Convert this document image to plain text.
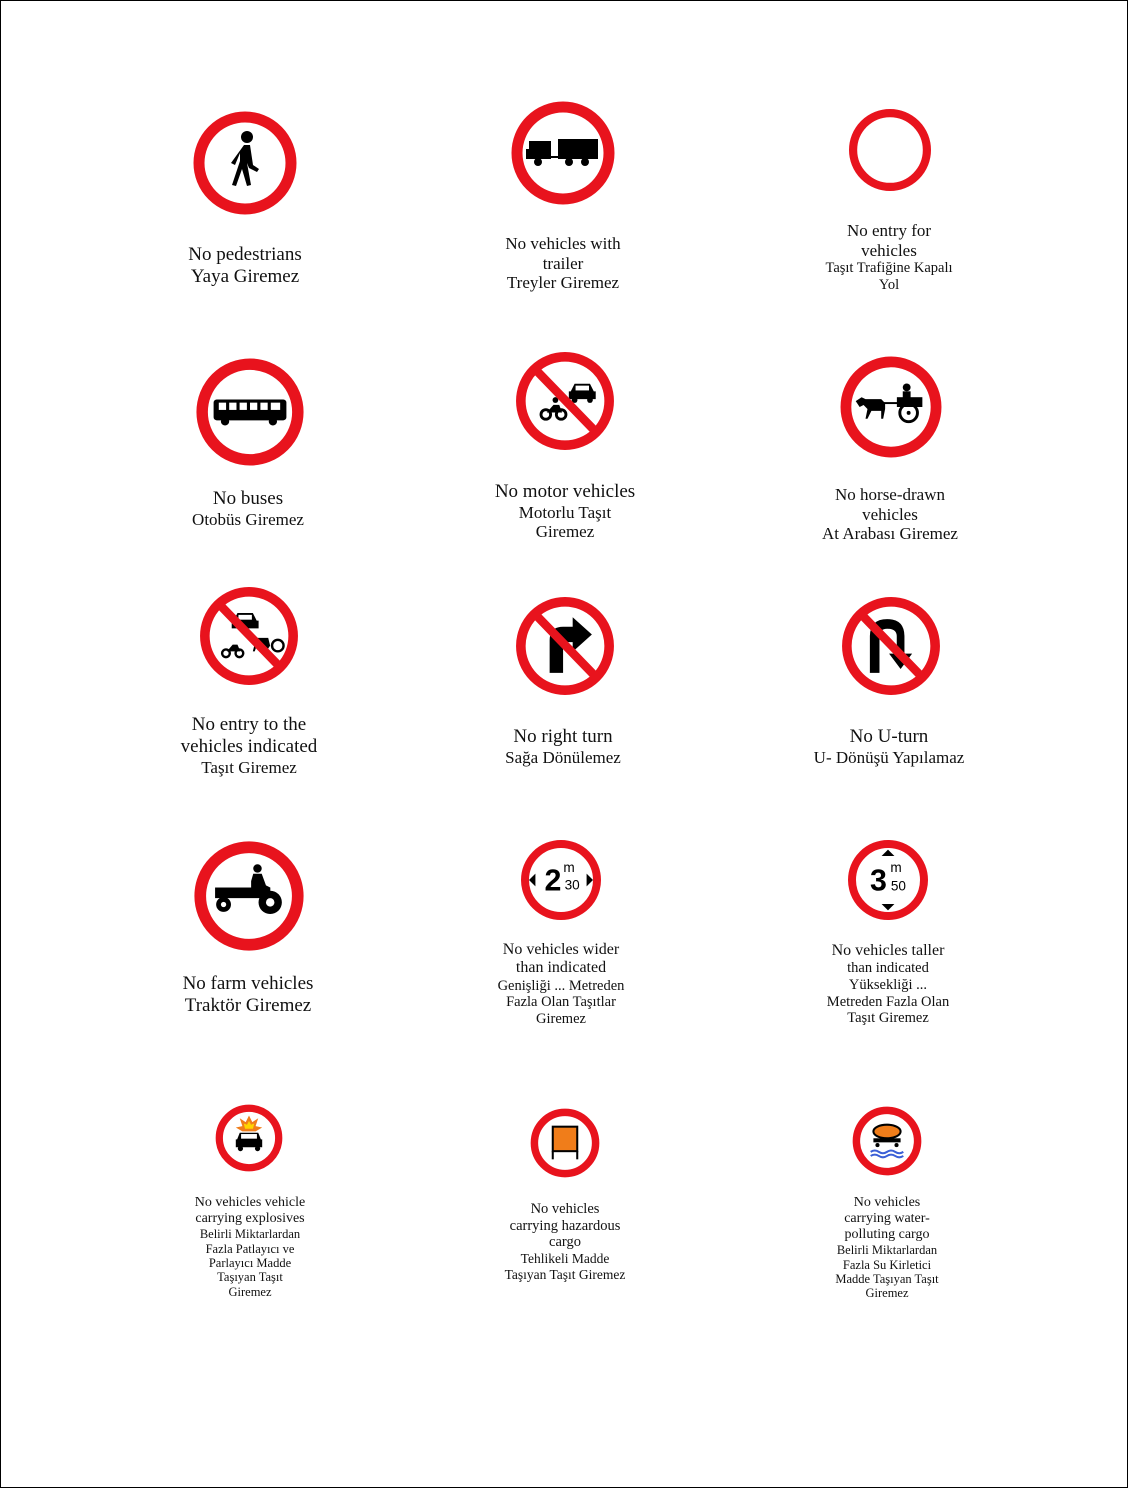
No pedestrians
Yaya Giremez
No vehicles with
trailer
Treyler Giremez
No entry for
vehicles
Taşıt Trafiğine Kapalı
Yol
No buses
Otobüs Giremez
No motor vehicles
Motorlu Taşıt
Giremez
No horse-drawn
vehicles
At Arabası Giremez
No entry to the
vehicles indicated
Taşıt Giremez
No right turn
Sağa Dönülemez
No U-turn
U- Dönüşü Yapılamaz
No farm vehicles
Traktör Giremez
2 m
30
No vehicles wider
than indicated
Genişliği ... Metreden
Fazla Olan Taşıtlar
Giremez
3 m
50
No vehicles taller
than indicated
Yüksekliği ...
Metreden Fazla Olan
Taşıt Giremez
No vehicles vehicle
carrying explosives
Belirli Miktarlardan
Fazla Patlayıcı ve
Parlayıcı Madde
Taşıyan Taşıt
Giremez
No vehicles
carrying hazardous
cargo
Tehlikeli Madde
Taşıyan Taşıt Giremez
No vehicles
carrying water-
polluting cargo
Belirli Miktarlardan
Fazla Su Kirletici
Madde Taşıyan Taşıt
Giremez
